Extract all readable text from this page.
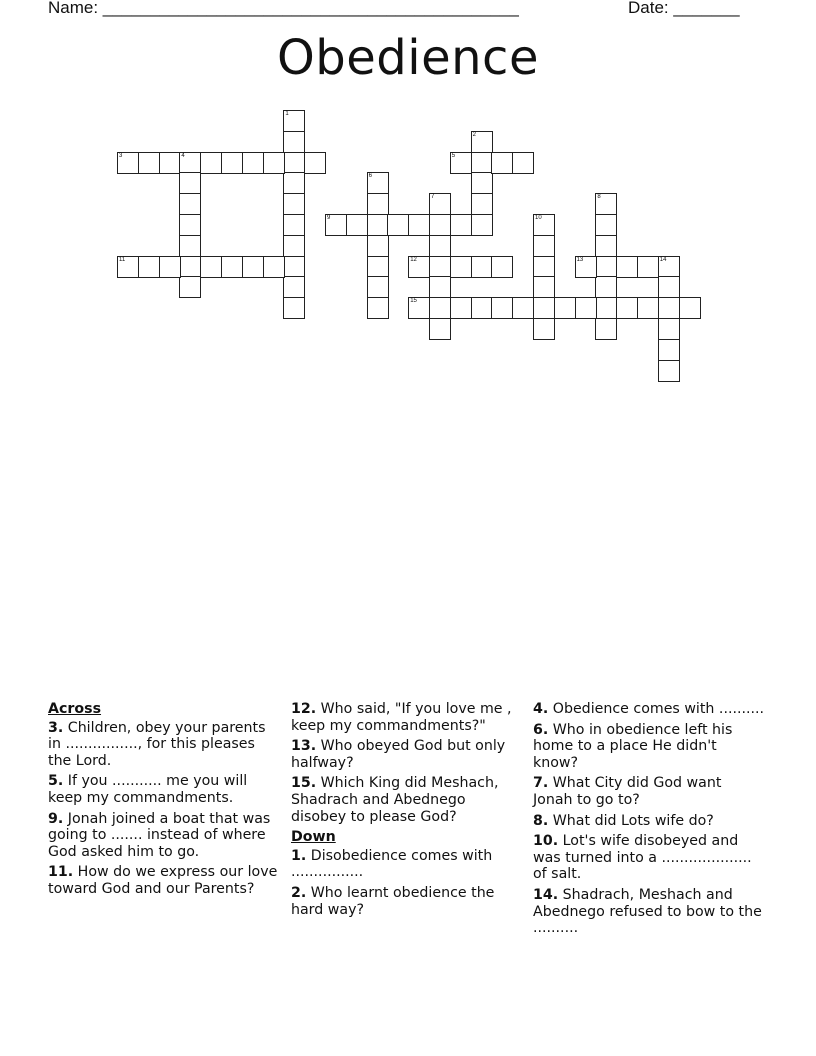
Name: ____________________________________________	Date: _______
Obedience
1
2
3	4	5
6
7	8
9	10
11	12	13	14
15
Across
3. Children, obey your parents in ................, for this pleases the Lord.
5. If you ........... me you will keep my commandments.
9. Jonah joined a boat that was going to ....... instead of where God asked him to go.
11. How do we express our love toward God and our Parents?
12. Who said, "If you love me , keep my commandments?"
13. Who obeyed God but only halfway?
15. Which King did Meshach, Shadrach and Abednego disobey to please God?
Down
1. Disobedience comes with ................
2. Who learnt obedience the hard way?
4. Obedience comes with ..........
6. Who in obedience left his home to a place He didn't know?
7. What City did God want Jonah to go to?
8. What did Lots wife do?
10. Lot's wife disobeyed and was turned into a .................... of salt.
14. Shadrach, Meshach and Abednego refused to bow to the ..........
